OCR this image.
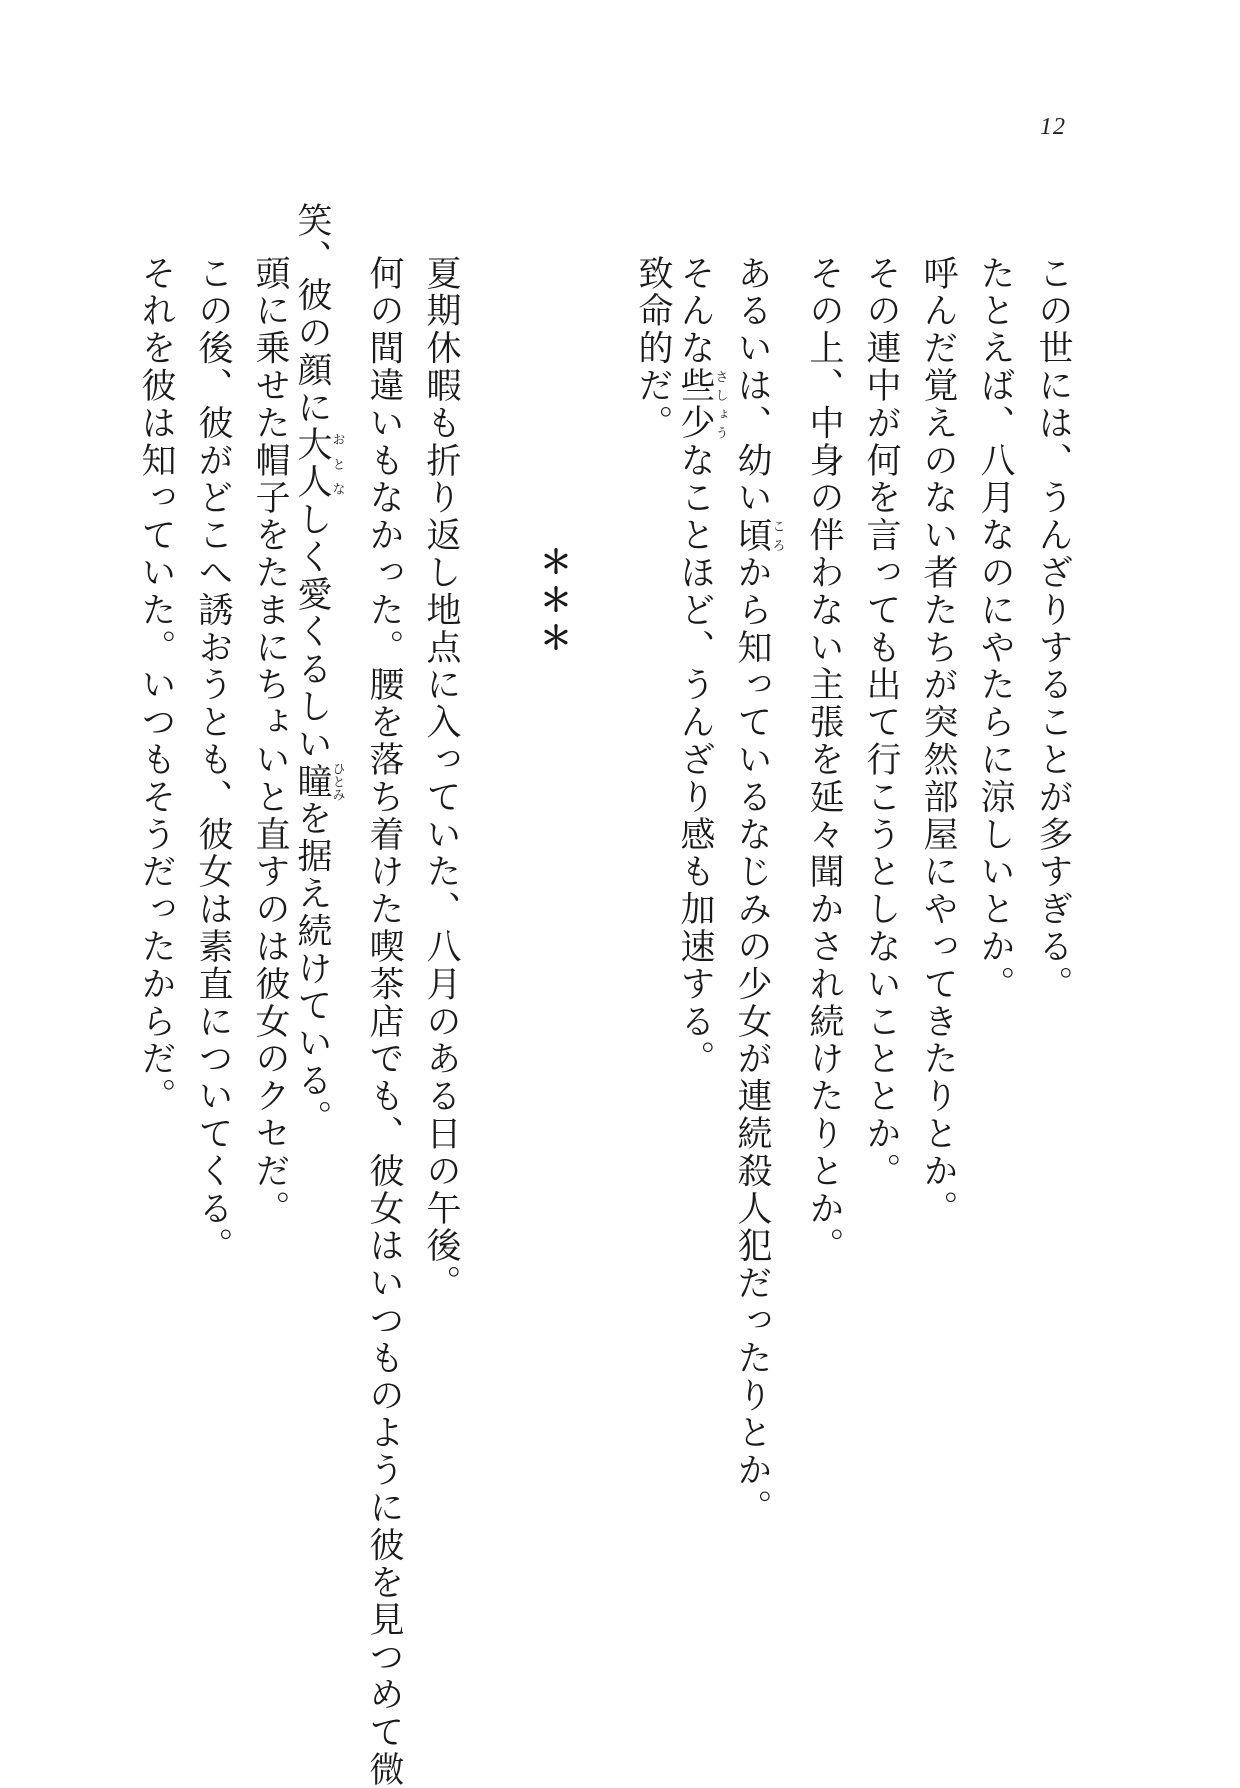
12
この世には、うんざりすることが多すぎる。
たとえば、八月なのにやたらに涼しいとか。
呼んだ覚えのない者たちが突然部屋にやってきたりとか。
その連中が何を言っても出て行こうとしないこととか。
その上、中身の伴わない主張を延々聞かされ続けたりとか。
あるいは、幼い頃ころから知っているなじみの少女が連続殺人犯だったりとか。
そんな些少さしょうなことほど、うんざり感も加速する。
致命的だ。
＊＊＊
夏期休暇も折り返し地点に入っていた、八月のある日の午後。
何の間違いもなかった。腰を落ち着けた喫茶店でも、彼女はいつものように彼を見つめて微
笑、彼の顔に大人おとなしく愛くるしい瞳ひとみを据え続けている。
頭に乗せた帽子をたまにちょいと直すのは彼女のクセだ。
この後、彼がどこへ誘おうとも、彼女は素直についてくる。
それを彼は知っていた。いつもそうだったからだ。
